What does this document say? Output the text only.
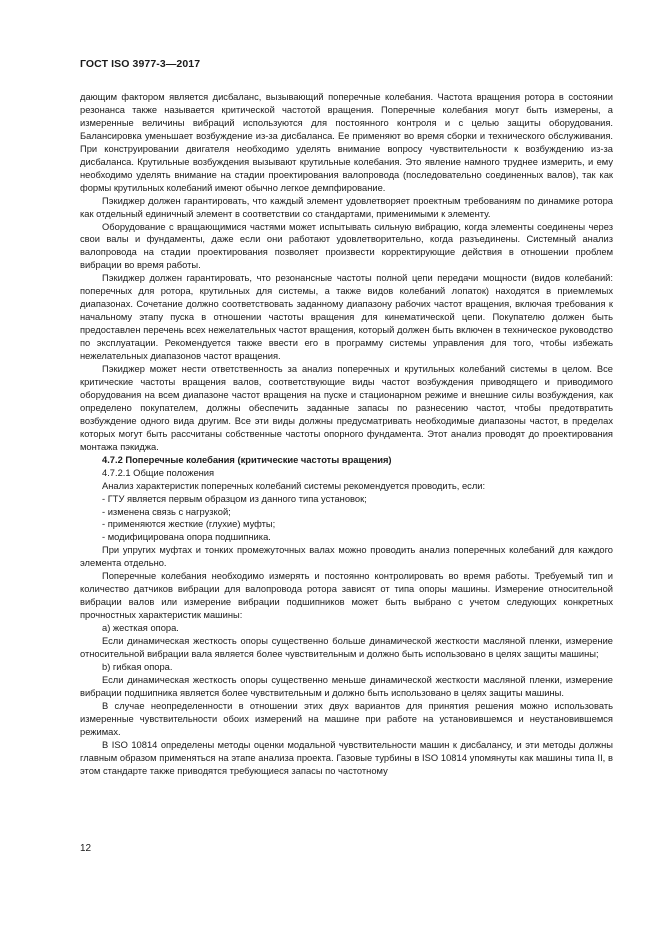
ГОСТ ISO 3977-3—2017

дающим фактором является дисбаланс, вызывающий поперечные колебания. Частота вращения ротора в состоянии резонанса также называется критической частотой вращения. Поперечные колебания могут быть измерены, а измеренные величины вибраций используются для постоянного контроля и с целью защиты оборудования. Балансировка уменьшает возбуждение из-за дисбаланса. Ее применяют во время сборки и технического обслуживания. При конструировании двигателя необходимо уделять внимание вопросу чувствительности к возбуждению из-за дисбаланса. Крутильные возбуждения вызывают крутильные колебания. Это явление намного труднее измерить, и ему необходимо уделять внимание на стадии проектирования валопровода (последовательно соединенных валов), так как формы крутильных колебаний имеют обычно легкое демпфирование.

Пэкиджер должен гарантировать, что каждый элемент удовлетворяет проектным требованиям по динамике ротора как отдельный единичный элемент в соответствии со стандартами, применимыми к элементу.

Оборудование с вращающимися частями может испытывать сильную вибрацию, когда элементы соединены через свои валы и фундаменты, даже если они работают удовлетворительно, когда разъединены. Системный анализ валопровода на стадии проектирования позволяет произвести корректирующие действия в отношении проблем вибрации во время работы.

Пэкиджер должен гарантировать, что резонансные частоты полной цепи передачи мощности (видов колебаний: поперечных для ротора, крутильных для системы, а также видов колебаний лопаток) находятся в приемлемых диапазонах. Сочетание должно соответствовать заданному диапазону рабочих частот вращения, включая требования к начальному этапу пуска в отношении частоты вращения для кинематической цепи. Покупателю должен быть предоставлен перечень всех нежелательных частот вращения, который должен быть включен в техническое руководство по эксплуатации. Рекомендуется также ввести его в программу системы управления для того, чтобы избежать нежелательных диапазонов частот вращения.

Пэкиджер может нести ответственность за анализ поперечных и крутильных колебаний системы в целом. Все критические частоты вращения валов, соответствующие виды частот возбуждения приводящего и приводимого оборудования на всем диапазоне частот вращения на пуске и стационарном режиме и внешние силы возбуждения, как определено покупателем, должны обеспечить заданные запасы по разнесению частот, чтобы предотвратить возбуждение одного вида другим. Все эти виды должны предусматривать необходимые диапазоны частот, в пределах которых могут быть рассчитаны собственные частоты опорного фундамента. Этот анализ проводят до проектирования монтажа пэкиджа.

4.7.2 Поперечные колебания (критические частоты вращения)

4.7.2.1 Общие положения

Анализ характеристик поперечных колебаний системы рекомендуется проводить, если:

- ГТУ является первым образцом из данного типа установок;

- изменена связь с нагрузкой;

- применяются жесткие (глухие) муфты;

- модифицирована опора подшипника.

При упругих муфтах и тонких промежуточных валах можно проводить анализ поперечных колебаний для каждого элемента отдельно.

Поперечные колебания необходимо измерять и постоянно контролировать во время работы. Требуемый тип и количество датчиков вибрации для валопровода ротора зависят от типа опоры машины. Измерение относительной вибрации валов или измерение вибрации подшипников может быть выбрано с учетом следующих конкретных прочностных характеристик машины:

а) жесткая опора.

Если динамическая жесткость опоры существенно больше динамической жесткости масляной пленки, измерение относительной вибрации вала является более чувствительным и должно быть использовано в целях защиты машины;

b) гибкая опора.

Если динамическая жесткость опоры существенно меньше динамической жесткости масляной пленки, измерение вибрации подшипника является более чувствительным и должно быть использовано в целях защиты машины.

В случае неопределенности в отношении этих двух вариантов для принятия решения можно использовать измеренные чувствительности обоих измерений на машине при работе на установившемся и неустановившемся режимах.

В ISO 10814 определены методы оценки модальной чувствительности машин к дисбалансу, и эти методы должны главным образом применяться на этапе анализа проекта. Газовые турбины в ISO 10814 упомянуты как машины типа II, в этом стандарте также приводятся требующиеся запасы по частотному

12
